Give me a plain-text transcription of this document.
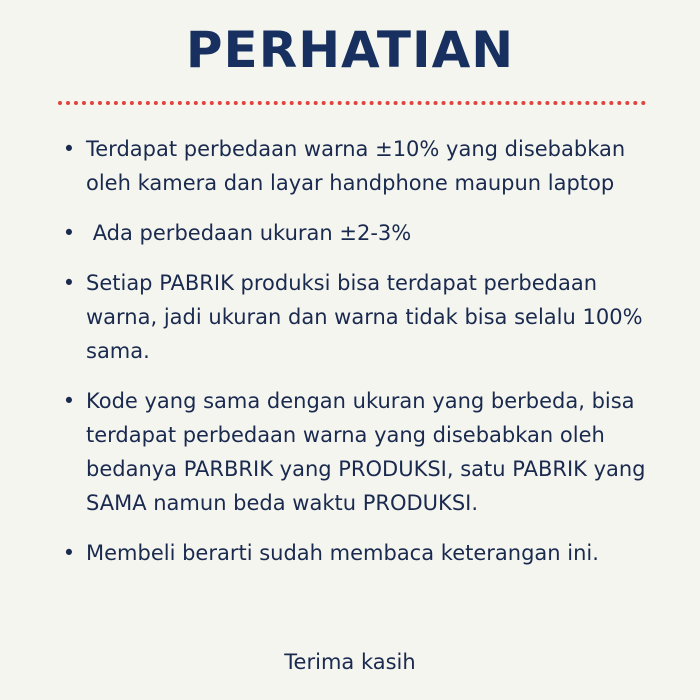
PERHATIAN
• Terdapat perbedaan warna ±10% yang disebabkan oleh kamera dan layar handphone maupun laptop
• Ada perbedaan ukuran ±2-3%
• Setiap PABRIK produksi bisa terdapat perbedaan warna, jadi ukuran dan warna tidak bisa selalu 100% sama.
• Kode yang sama dengan ukuran yang berbeda, bisa terdapat perbedaan warna yang disebabkan oleh bedanya PARBRIK yang PRODUKSI, satu PABRIK yang SAMA namun beda waktu PRODUKSI.
• Membeli berarti sudah membaca keterangan ini.

Terima kasih
